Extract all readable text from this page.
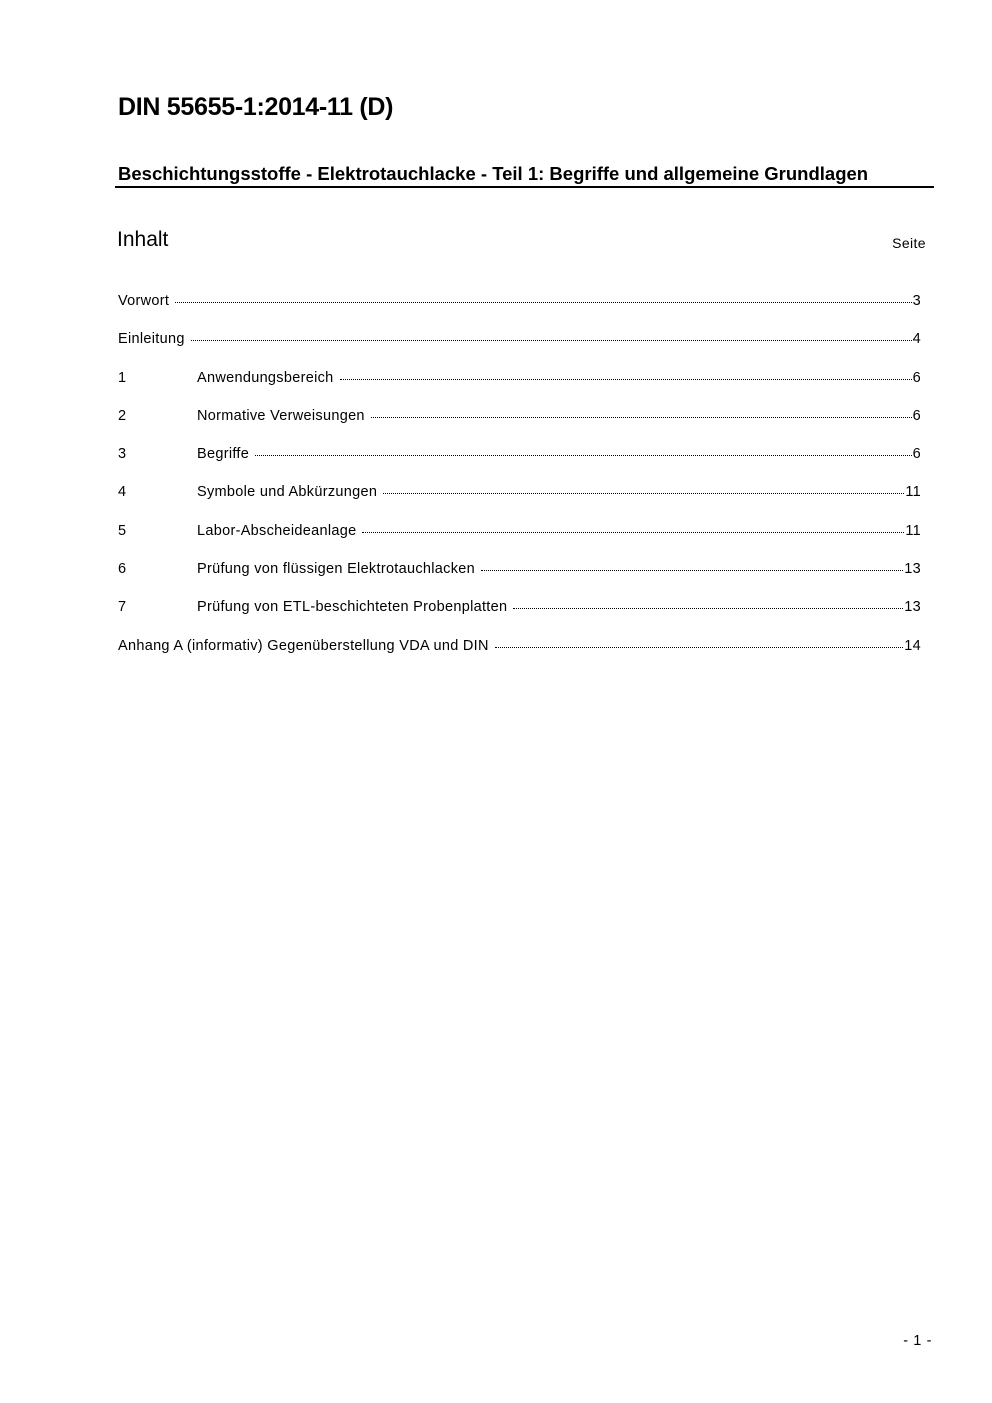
DIN 55655-1:2014-11 (D)
Beschichtungsstoffe - Elektrotauchlacke - Teil 1: Begriffe und allgemeine Grundlagen
Inhalt	Seite
Vorwort	3
Einleitung	4
1	Anwendungsbereich	6
2	Normative Verweisungen	6
3	Begriffe	6
4	Symbole und Abkürzungen	11
5	Labor-Abscheideanlage	11
6	Prüfung von flüssigen Elektrotauchlacken	13
7	Prüfung von ETL-beschichteten Probenplatten	13
Anhang A (informativ) Gegenüberstellung VDA und DIN	14
- 1 -
